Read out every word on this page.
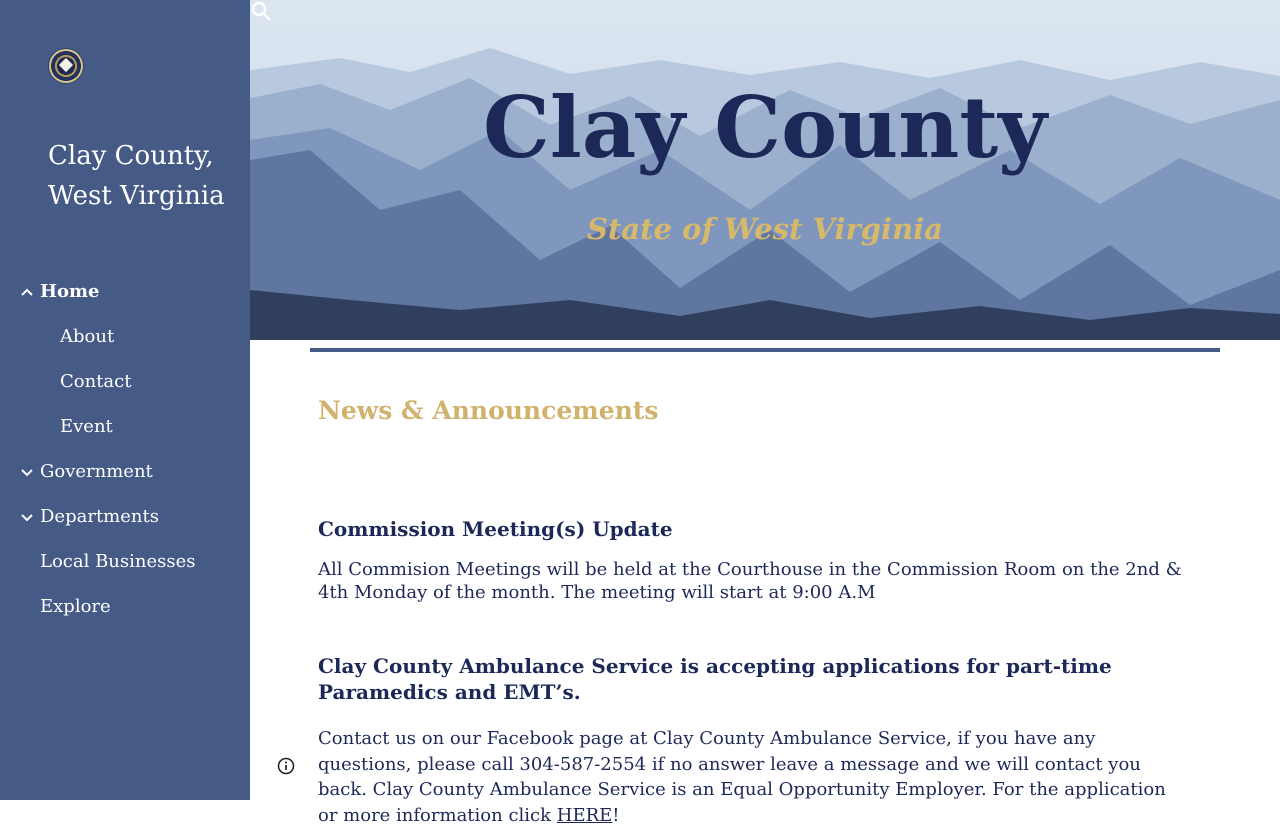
Clay County, West Virginia
Home
About
Contact
Event
Government
Departments
Local Businesses
Explore
Clay County
State of West Virginia
News & Announcements
Commission Meeting(s) Update

All Commision Meetings will be held at the Courthouse in the Commission Room on the 2nd & 4th Monday of the month. The meeting will start at 9:00 A.M

Clay County Ambulance Service is accepting applications for part-time Paramedics and EMT’s.

Contact us on our Facebook page at Clay County Ambulance Service, if you have any questions, please call 304-587-2554 if no answer leave a message and we will contact you back. Clay County Ambulance Service is an Equal Opportunity Employer. For the application or more information click HERE!
